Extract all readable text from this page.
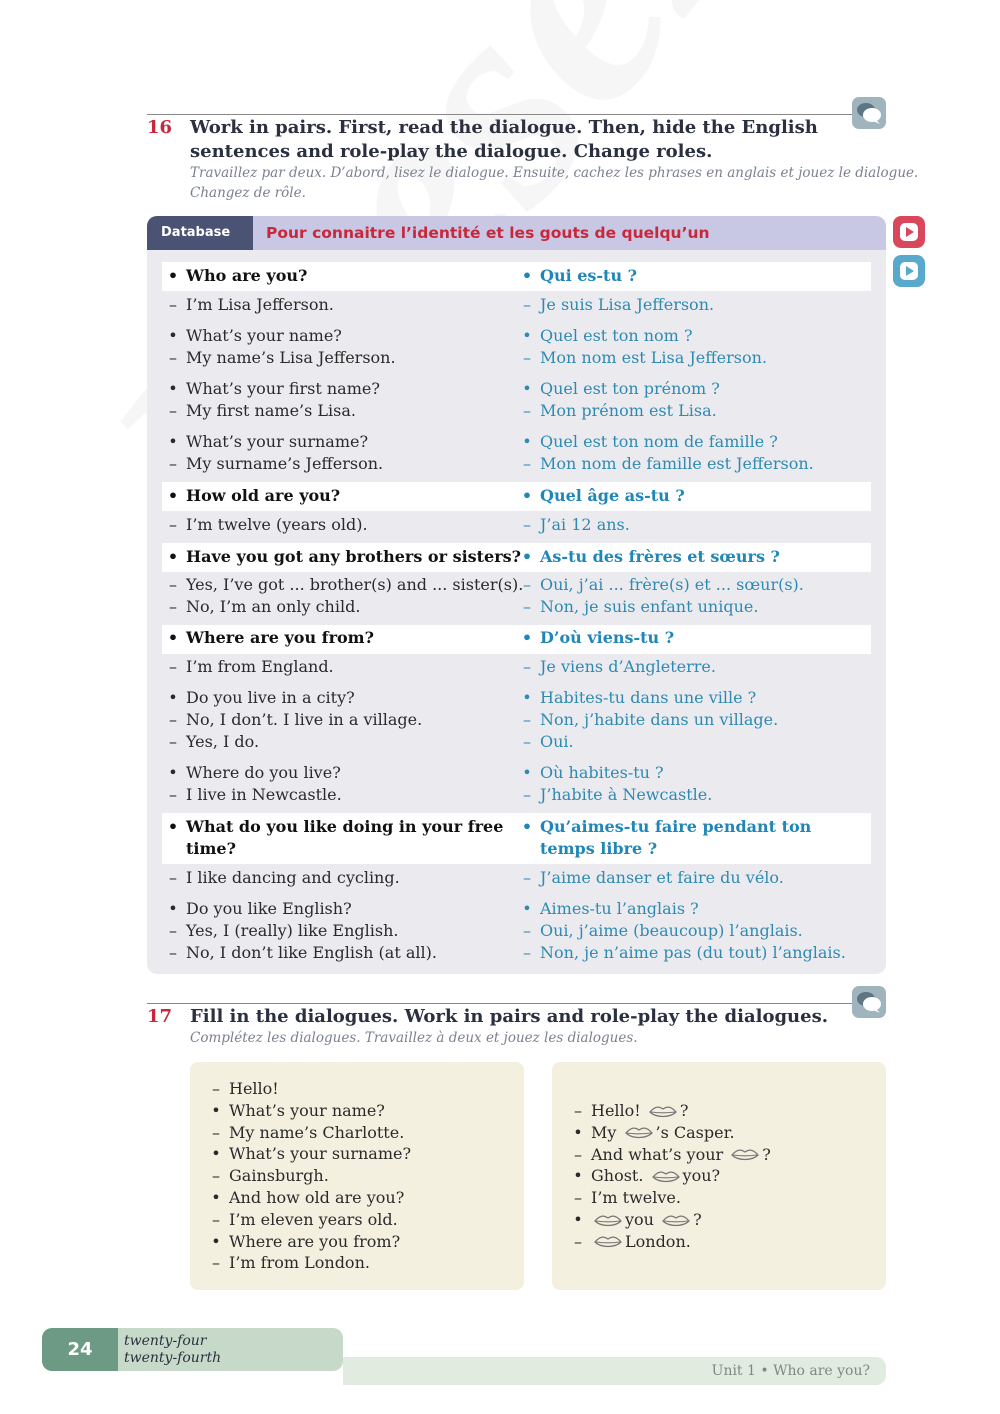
16 Work in pairs. First, read the dialogue. Then, hide the English
sentences and role-play the dialogue. Change roles.
Travaillez par deux. D’abord, lisez le dialogue. Ensuite, cachez les phrases en anglais et jouez le dialogue.
Changez de rôle.
Database	Pour connaitre l’identité et les gouts de quelqu’un
• Who are you?	• Qui es-tu ?
– I’m Lisa Jefferson.	– Je suis Lisa Jefferson.
• What’s your name?	• Quel est ton nom ?
– My name’s Lisa Jefferson.	– Mon nom est Lisa Jefferson.
• What’s your first name?	• Quel est ton prénom ?
– My first name’s Lisa.	– Mon prénom est Lisa.
• What’s your surname?	• Quel est ton nom de famille ?
– My surname’s Jefferson.	– Mon nom de famille est Jefferson.
• How old are you?	• Quel âge as-tu ?
– I’m twelve (years old).	– J’ai 12 ans.
• Have you got any brothers or sisters? • As-tu des frères et sœurs ?
– Yes, I’ve got ... brother(s) and ... sister(s). – Oui, j’ai ... frère(s) et ... sœur(s).
– No, I’m an only child.	– Non, je suis enfant unique.
• Where are you from?	• D’où viens-tu ?
– I’m from England.	– Je viens d’Angleterre.
• Do you live in a city?	• Habites-tu dans une ville ?
– No, I don’t. I live in a village.	– Non, j’habite dans un village.
– Yes, I do.	– Oui.
• Where do you live?	• Où habites-tu ?
– I live in Newcastle.	– J’habite à Newcastle.
• What do you like doing in your free • Qu’aimes-tu faire pendant ton
time?	temps libre ?
– I like dancing and cycling.	– J’aime danser et faire du vélo.
• Do you like English?	• Aimes-tu l’anglais ?
– Yes, I (really) like English.	– Oui, j’aime (beaucoup) l’anglais.
– No, I don’t like English (at all).	– Non, je n’aime pas (du tout) l’anglais.
17 Fill in the dialogues. Work in pairs and role-play the dialogues.
Complétez les dialogues. Travaillez à deux et jouez les dialogues.
– Hello!
• What’s your name?
– My name’s Charlotte.
• What’s your surname?
– Gainsburgh.
• And how old are you?
– I’m eleven years old.
• Where are you from?
– I’m from London.
– Hello! ?
• My ’s Casper.
– And what’s your ?
• Ghost. you?
– I’m twelve.
•	you ?
–	London.
24	twenty-four
twenty-fourth
Unit 1 • Who are you?
